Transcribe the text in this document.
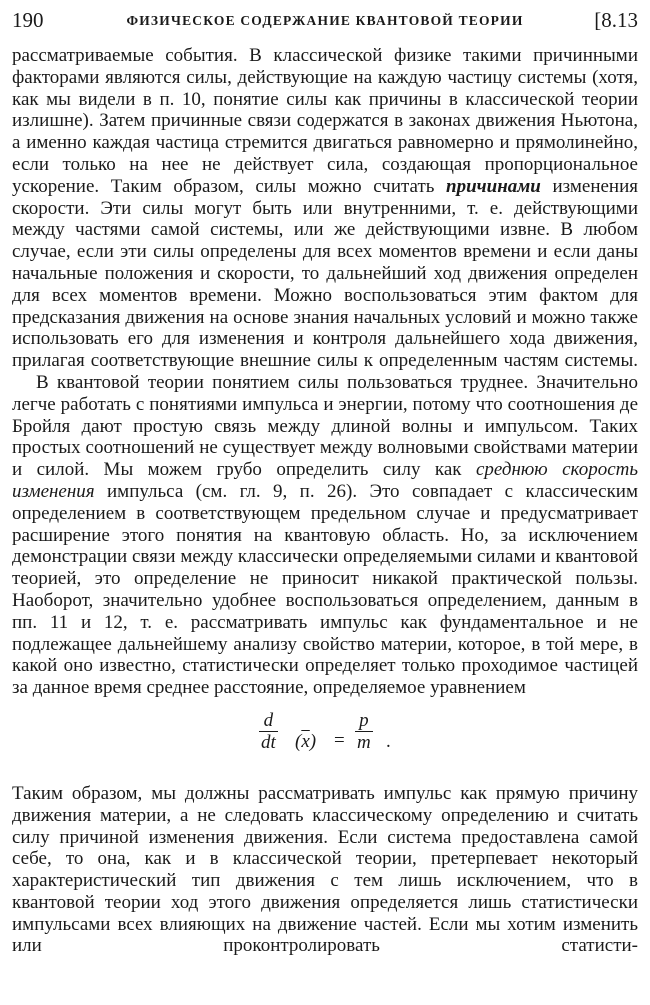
190	ФИЗИЧЕСКОЕ СОДЕРЖАНИЕ КВАНТОВОЙ ТЕОРИИ	[8.13

рассматриваемые события. В классической физике такими причинными факторами являются силы, действующие на каждую частицу системы (хотя, как мы видели в п. 10, понятие силы как причины в классической теории излишне). Затем причинные связи содержатся в законах движения Ньютона, а именно каждая частица стремится двигаться равномерно и прямолинейно, если только на нее не действует сила, создающая пропорциональное ускорение. Таким образом, силы можно считать причинами изменения скорости. Эти силы могут быть или внутренними, т. е. действующими между частями самой системы, или же действующими извне. В любом случае, если эти силы определены для всех моментов времени и если даны начальные положения и скорости, то дальнейший ход движения определен для всех моментов времени. Можно воспользоваться этим фактом для предсказания движения на основе знания начальных условий и можно также использовать его для изменения и контроля дальнейшего хода движения, прилагая соответствующие внешние силы к определенным частям системы.

В квантовой теории понятием силы пользоваться труднее. Значительно легче работать с понятиями импульса и энергии, потому что соотношения де Бройля дают простую связь между длиной волны и импульсом. Таких простых соотношений не существует между волновыми свойствами материи и силой. Мы можем грубо определить силу как среднюю скорость изменения импульса (см. гл. 9, п. 26). Это совпадает с классическим определением в соответствующем предельном случае и предусматривает расширение этого понятия на квантовую область. Но, за исключением демонстрации связи между классически определяемыми силами и квантовой теорией, это определение не приносит никакой практической пользы. Наоборот, значительно удобнее воспользоваться определением, данным в пп. 11 и 12, т. е. рассматривать импульс как фундаментальное и не подлежащее дальнейшему анализу свойство материи, которое, в той мере, в какой оно известно, статистически определяет только проходимое частицей за данное время среднее расстояние, определяемое уравнением

d
dt $(\overline{x})$ =
p
m .

Таким образом, мы должны рассматривать импульс как прямую причину движения материи, а не следовать классическому определению и считать силу причиной изменения движения. Если система предоставлена самой себе, то она, как и в классической теории, претерпевает некоторый характеристический тип движения с тем лишь исключением, что в квантовой теории ход этого движения определяется лишь статистически импульсами всех влияющих на движение частей. Если мы хотим изменить или проконтролировать статисти-
